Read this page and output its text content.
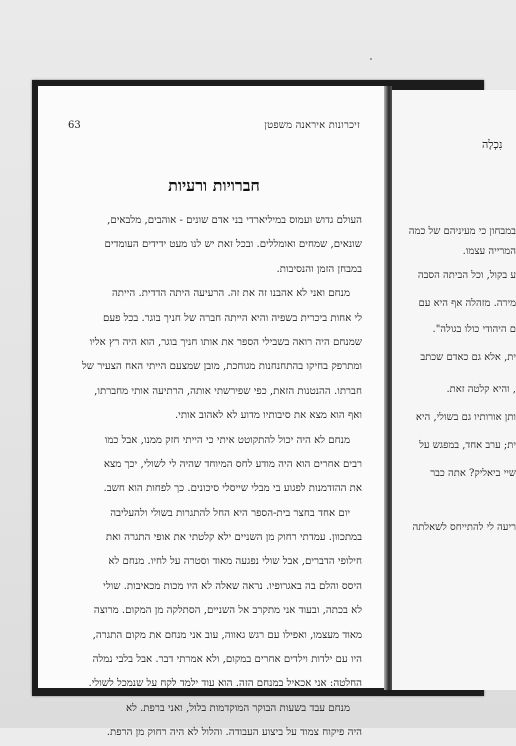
נִכְלָה
במבחון כי מעיניהם של כמה
המרייה עצמו.
ע בקול, וכל הביתה הסבה
מירה. מזהלה אף היא עם
ם היהודי כולו בגולה".
ית, אלא גם כאדם שכתב
, והיא קלטה זאת.
ותן אורותיו גם בשולי, היא
ית; ערב אחד, במפגש על
שיי ביאליק? אתה כבר
ריעה לי להתייחס לשאלתה
זיכרונות איראנה משפטן
63
חברויות ורעיות
העולם גדוש ועמוס במיליארדי בני אדם שונים - אוהבים, מלבאים,
שונאים, שמחים ואומללים. ובכל זאת יש לנו מעט ידידים העומדים
במבחן הזמן והנסיבות.
מנחם ואני לא אהבנו זה את זה. הרעיעה היתה הדדית. הייתה
לי אחות ביכרית בשפיה והיא הייתה חברה של חניך בוגר. בכל פעם
שמנחם היה רואה בשבילי הספר את אותו חניך בוגר, הוא היה רץ אליו
ומתרפק בחיקו בהתחנחנות מגוחכת, מובן שמצעם הייתי האח הצעיר של
חברתו. ההנטנות הזאת, כפי שפירשתי אותה, הרתיעה אותי מחברתו,
ואף הוא מצא את סיבותיו מדוע לא לאהוב אותי.
מנחם לא היה יכול להתקוטט איתי כי הייתי חזק ממנו, אבל כמו
רבים אחרים הוא היה מודע לחס המיוחד שהיה לי לשולי, יכך מצא
את ההזדמנות לפגוע בי מבלי שייסלי סיכונים. כך לפחות הוא חשב.
יום אחד בחצר בית-הספר היא החל להתגרות בשולי ולהעליבה
במתכוון. עמדתי רחוק מן השניים ילא קלטתי את אופי התגרה ואת
חילופי הדברים, אבל שולי נפגעה מאוד וסטרה על לחיו. מנחם לא
היסס והלם בה באגרופיו. נראה שאלה לא היו מכות מכאיבות. שולי
לא בכתה, ובעוד אני מתקרב אל השניים, הסתלקה מן המקום. מרוצה
מאוד מעצמו, ואפילו עם רגש גאווה, עוב אני מנחם את מקום התגרה,
היו עם ילדות וילדים אחרים במקום, ולא אמרתי דבר. אבל בלבי נמלה
החלטה: אני אכאיל במנחם הזה. הוא עוד ילמד לקח על שנמכל לשולי.
מנחם עבד בשעות הבוקר המוקדמות בלול, ואני ברפת. לא
היה פיקוח צמוד על ביצוע העבודה. והלול לא היה רחוק מן הרפת.
